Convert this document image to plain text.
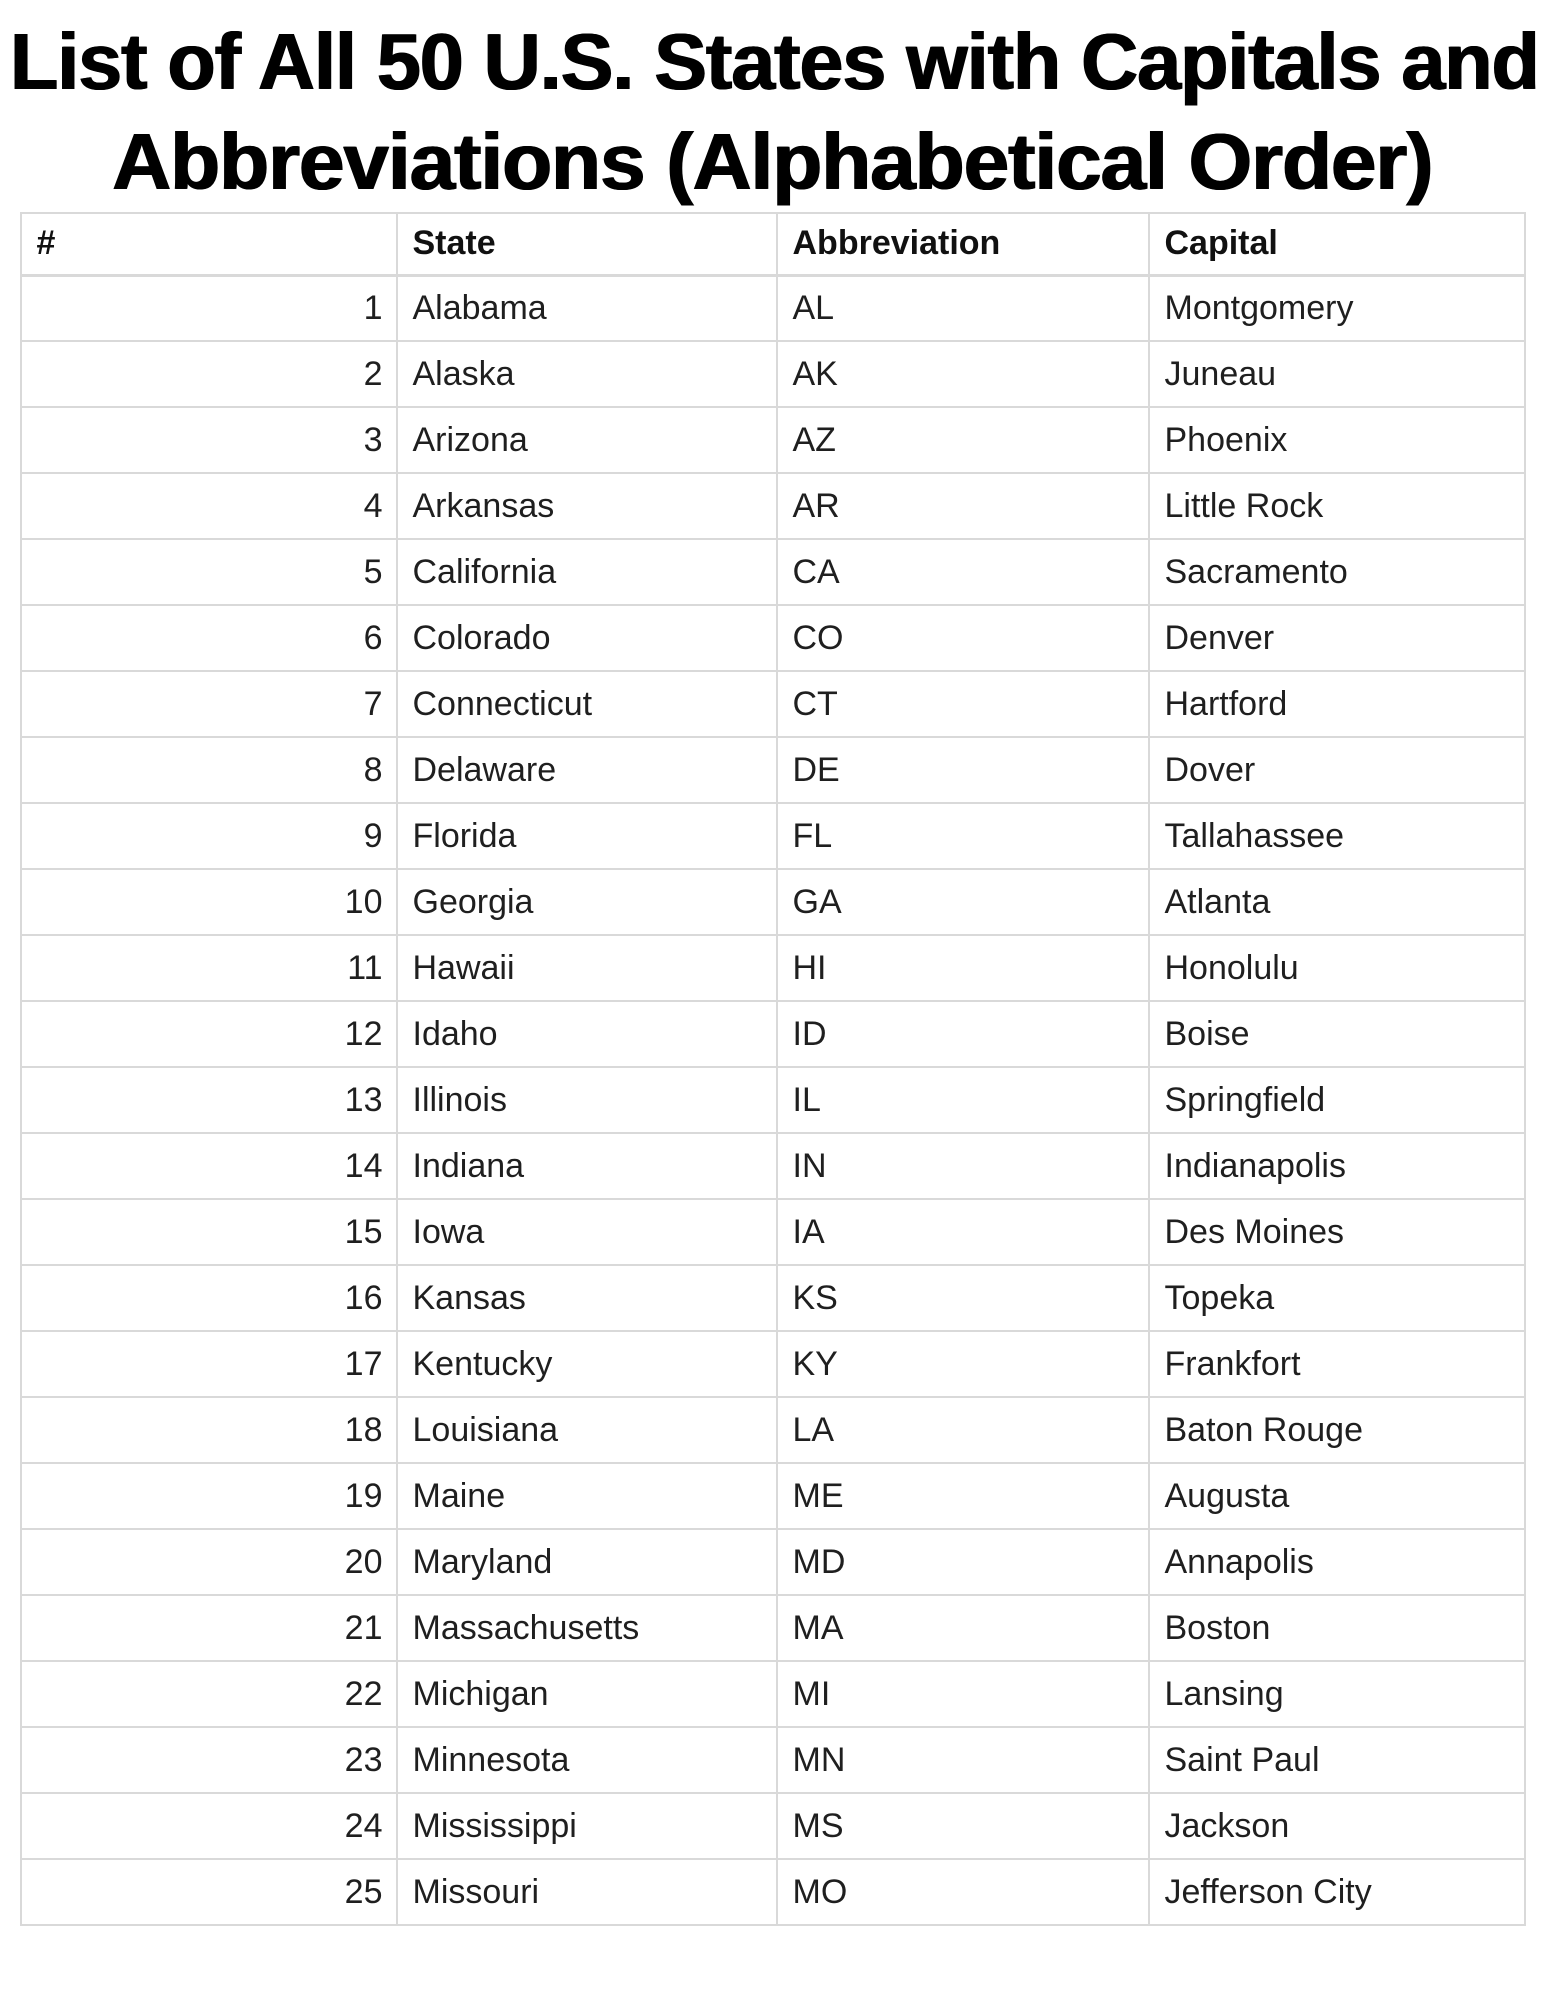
List of All 50 U.S. States with Capitals and
Abbreviations (Alphabetical Order)
#	State	Abbreviation	Capital
1	Alabama	AL	Montgomery
2	Alaska	AK	Juneau
3	Arizona	AZ	Phoenix
4	Arkansas	AR	Little Rock
5	California	CA	Sacramento
6	Colorado	CO	Denver
7	Connecticut	CT	Hartford
8	Delaware	DE	Dover
9	Florida	FL	Tallahassee
10	Georgia	GA	Atlanta
11	Hawaii	HI	Honolulu
12	Idaho	ID	Boise
13	Illinois	IL	Springfield
14	Indiana	IN	Indianapolis
15	Iowa	IA	Des Moines
16	Kansas	KS	Topeka
17	Kentucky	KY	Frankfort
18	Louisiana	LA	Baton Rouge
19	Maine	ME	Augusta
20	Maryland	MD	Annapolis
21	Massachusetts	MA	Boston
22	Michigan	MI	Lansing
23	Minnesota	MN	Saint Paul
24	Mississippi	MS	Jackson
25	Missouri	MO	Jefferson City
